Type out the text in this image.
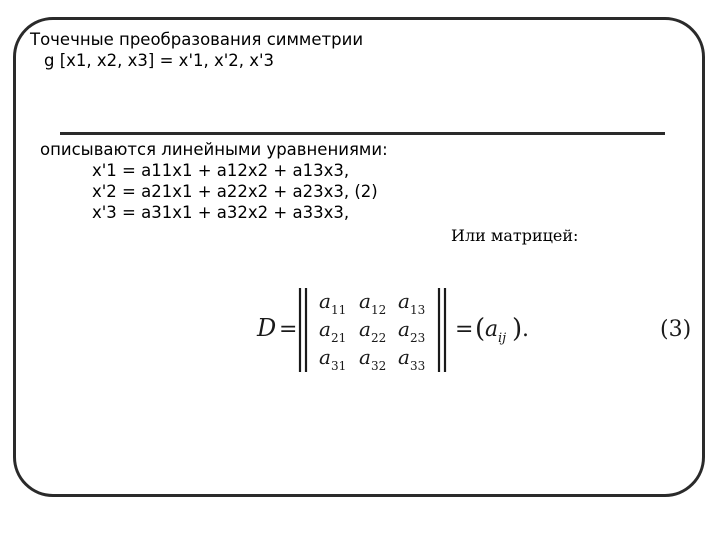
Точечные преобразования симметрии
g [x1, x2, x3] = x'1, x'2, x'3
описываются линейными уравнениями:
x'1 = a11x1 + a12x2 + a13x3,
x'2 = a21x1 + a22x2 + a23x3, (2)
x'3 = a31x1 + a32x2 + a33x3,
Или матрицей:
D =
a 11 a 12 a 13
a 21 a 22 a 23
a 31 a 32 a 33
= ( a ij ) .	(3)
